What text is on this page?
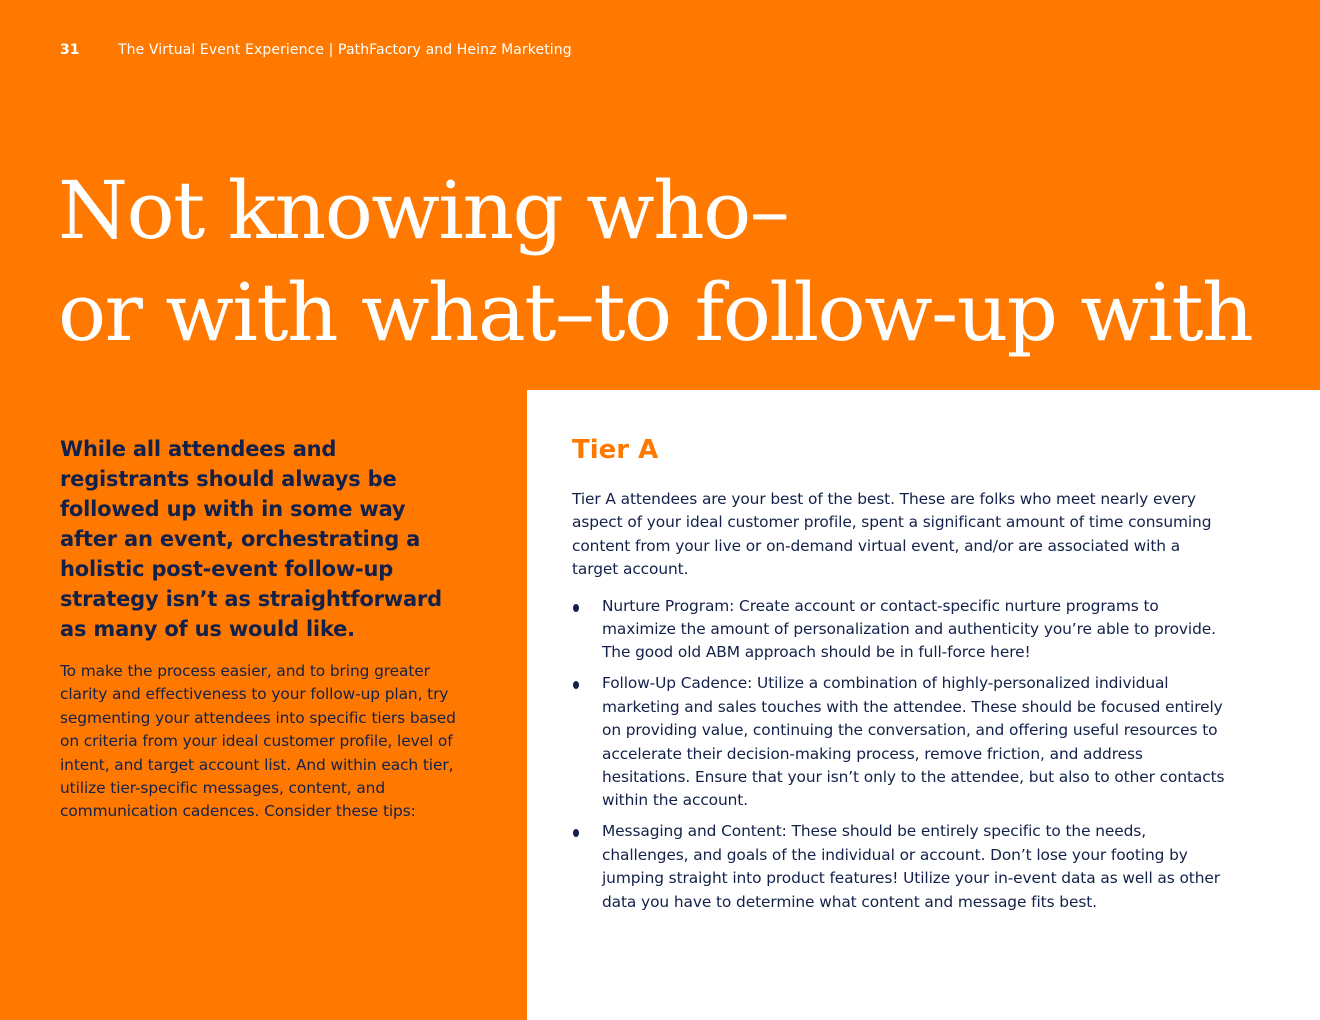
31	The Virtual Event Experience | PathFactory and Heinz Marketing
Not knowing who–
or with what–to follow-up with

While all attendees and registrants should always be followed up with in some way after an event, orchestrating a holistic post-event follow-up strategy isn’t as straightforward as many of us would like.

To make the process easier, and to bring greater clarity and effectiveness to your follow-up plan, try segmenting your attendees into specific tiers based on criteria from your ideal customer profile, level of intent, and target account list. And within each tier, utilize tier-specific messages, content, and communication cadences. Consider these tips:

Tier A

Tier A attendees are your best of the best. These are folks who meet nearly every aspect of your ideal customer profile, spent a significant amount of time consuming content from your live or on-demand virtual event, and/or are associated with a target account.

Nurture Program: Create account or contact-specific nurture programs to maximize the amount of personalization and authenticity you’re able to provide. The good old ABM approach should be in full-force here!
Follow-Up Cadence: Utilize a combination of highly-personalized individual marketing and sales touches with the attendee. These should be focused entirely on providing value, continuing the conversation, and offering useful resources to accelerate their decision-making process, remove friction, and address hesitations. Ensure that your isn’t only to the attendee, but also to other contacts within the account.
Messaging and Content: These should be entirely specific to the needs, challenges, and goals of the individual or account. Don’t lose your footing by jumping straight into product features! Utilize your in-event data as well as other data you have to determine what content and message fits best.
